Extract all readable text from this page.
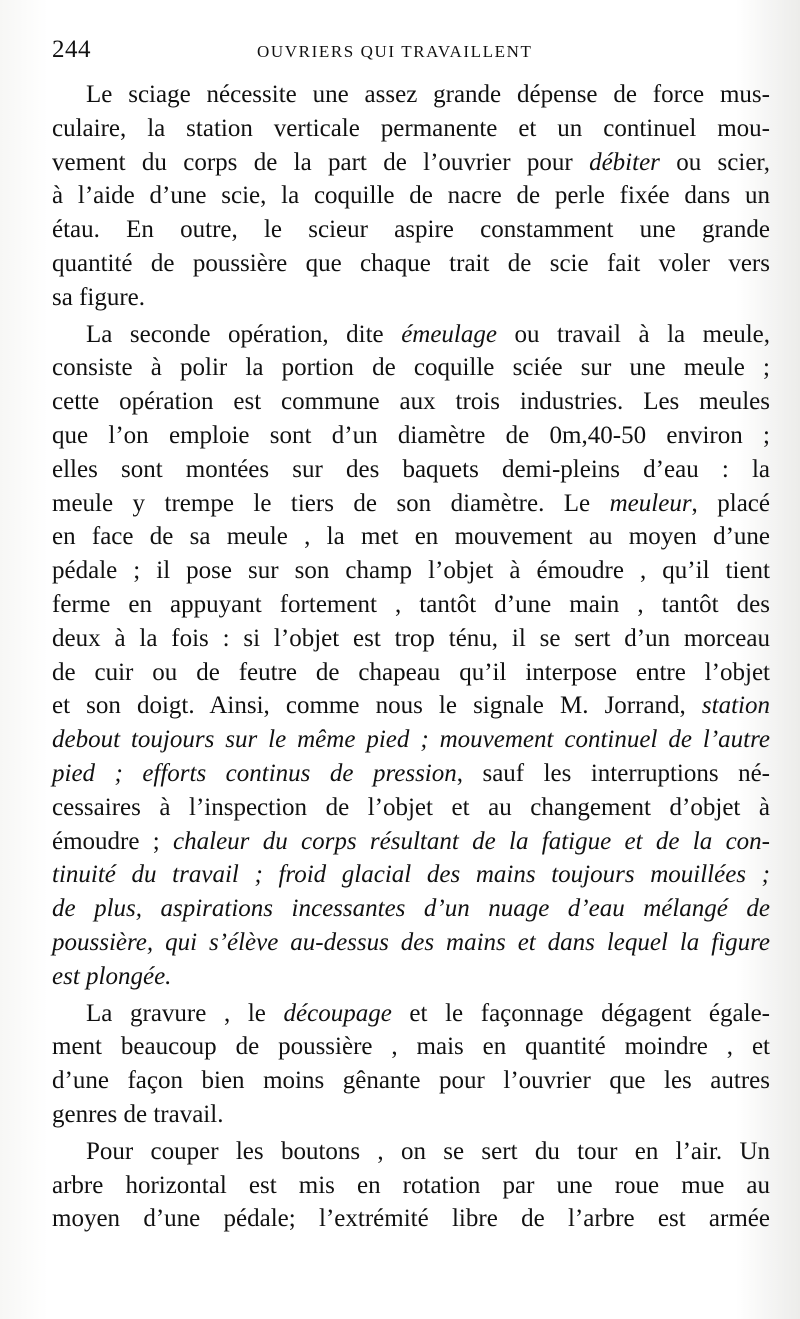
244	OUVRIERS QUI TRAVAILLENT
Le sciage nécessite une assez grande dépense de force mus-
culaire, la station verticale permanente et un continuel mou-
vement du corps de la part de l’ouvrier pour débiter ou scier,
à l’aide d’une scie, la coquille de nacre de perle fixée dans un
étau. En outre, le scieur aspire constamment une grande
quantité de poussière que chaque trait de scie fait voler vers
sa figure.
La seconde opération, dite émeulage ou travail à la meule,
consiste à polir la portion de coquille sciée sur une meule ;
cette opération est commune aux trois industries. Les meules
que l’on emploie sont d’un diamètre de 0m,40-50 environ ;
elles sont montées sur des baquets demi-pleins d’eau : la
meule y trempe le tiers de son diamètre. Le meuleur, placé
en face de sa meule , la met en mouvement au moyen d’une
pédale ; il pose sur son champ l’objet à émoudre , qu’il tient
ferme en appuyant fortement , tantôt d’une main , tantôt des
deux à la fois : si l’objet est trop ténu, il se sert d’un morceau
de cuir ou de feutre de chapeau qu’il interpose entre l’objet
et son doigt. Ainsi, comme nous le signale M. Jorrand, station
debout toujours sur le même pied ; mouvement continuel de l’autre
pied ; efforts continus de pression, sauf les interruptions né-
cessaires à l’inspection de l’objet et au changement d’objet à
émoudre ; chaleur du corps résultant de la fatigue et de la con-
tinuité du travail ; froid glacial des mains toujours mouillées ;
de plus, aspirations incessantes d’un nuage d’eau mélangé de
poussière, qui s’élève au-dessus des mains et dans lequel la figure
est plongée.
La gravure , le découpage et le façonnage dégagent égale-
ment beaucoup de poussière , mais en quantité moindre , et
d’une façon bien moins gênante pour l’ouvrier que les autres
genres de travail.
Pour couper les boutons , on se sert du tour en l’air. Un
arbre horizontal est mis en rotation par une roue mue au
moyen d’une pédale; l’extrémité libre de l’arbre est armée
